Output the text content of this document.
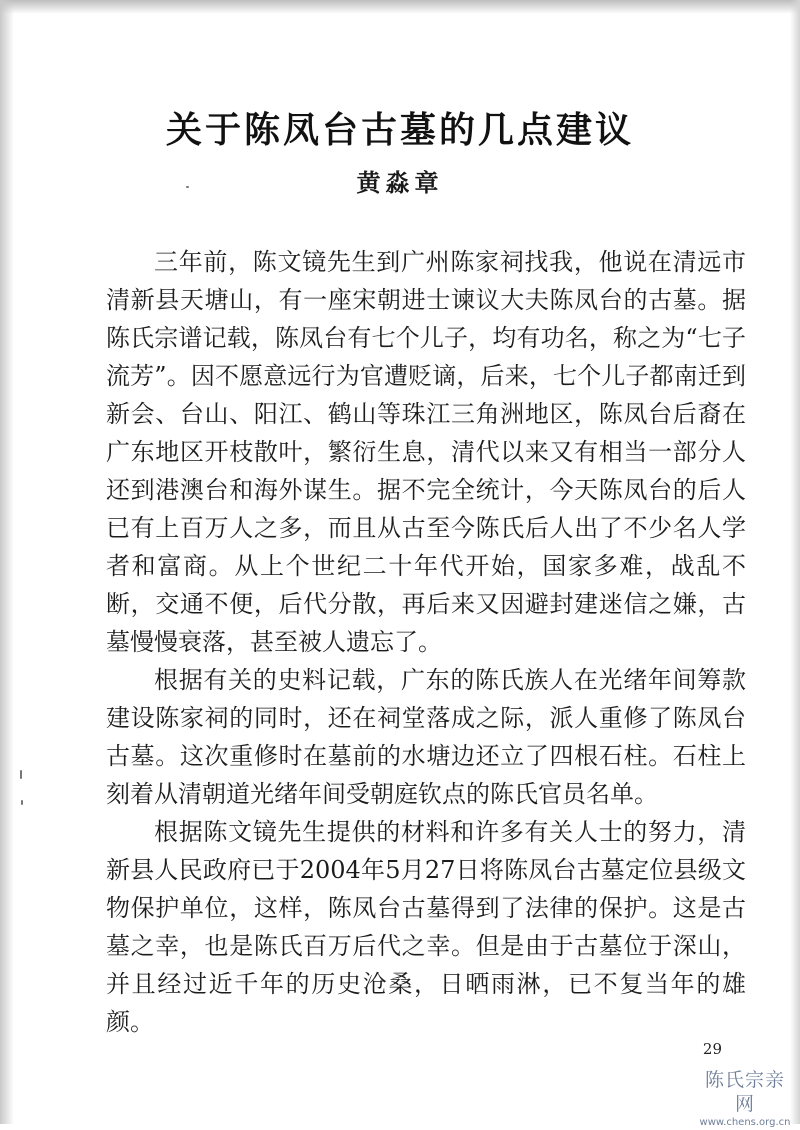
关于陈凤台古墓的几点建议
黄淼章

三年前，陈文镜先生到广州陈家祠找我，他说在清远市清新县天塘山，有一座宋朝进士谏议大夫陈凤台的古墓。据陈氏宗谱记载，陈凤台有七个儿子，均有功名，称之为“七子流芳”。因不愿意远行为官遭贬谪，后来，七个儿子都南迁到新会、台山、阳江、鹤山等珠江三角洲地区，陈凤台后裔在广东地区开枝散叶，繁衍生息，清代以来又有相当一部分人还到港澳台和海外谋生。据不完全统计，今天陈凤台的后人已有上百万人之多，而且从古至今陈氏后人出了不少名人学者和富商。从上个世纪二十年代开始，国家多难，战乱不断，交通不便，后代分散，再后来又因避封建迷信之嫌，古墓慢慢衰落，甚至被人遗忘了。

根据有关的史料记载，广东的陈氏族人在光绪年间筹款建设陈家祠的同时，还在祠堂落成之际，派人重修了陈凤台古墓。这次重修时在墓前的水塘边还立了四根石柱。石柱上刻着从清朝道光绪年间受朝庭钦点的陈氏官员名单。

根据陈文镜先生提供的材料和许多有关人士的努力，清新县人民政府已于2004年5月27日将陈凤台古墓定位县级文物保护单位，这样，陈凤台古墓得到了法律的保护。这是古墓之幸，也是陈氏百万后代之幸。但是由于古墓位于深山，并且经过近千年的历史沧桑，日晒雨淋，已不复当年的雄颜。

29
陈氏宗亲网
www.chens.org.cn
